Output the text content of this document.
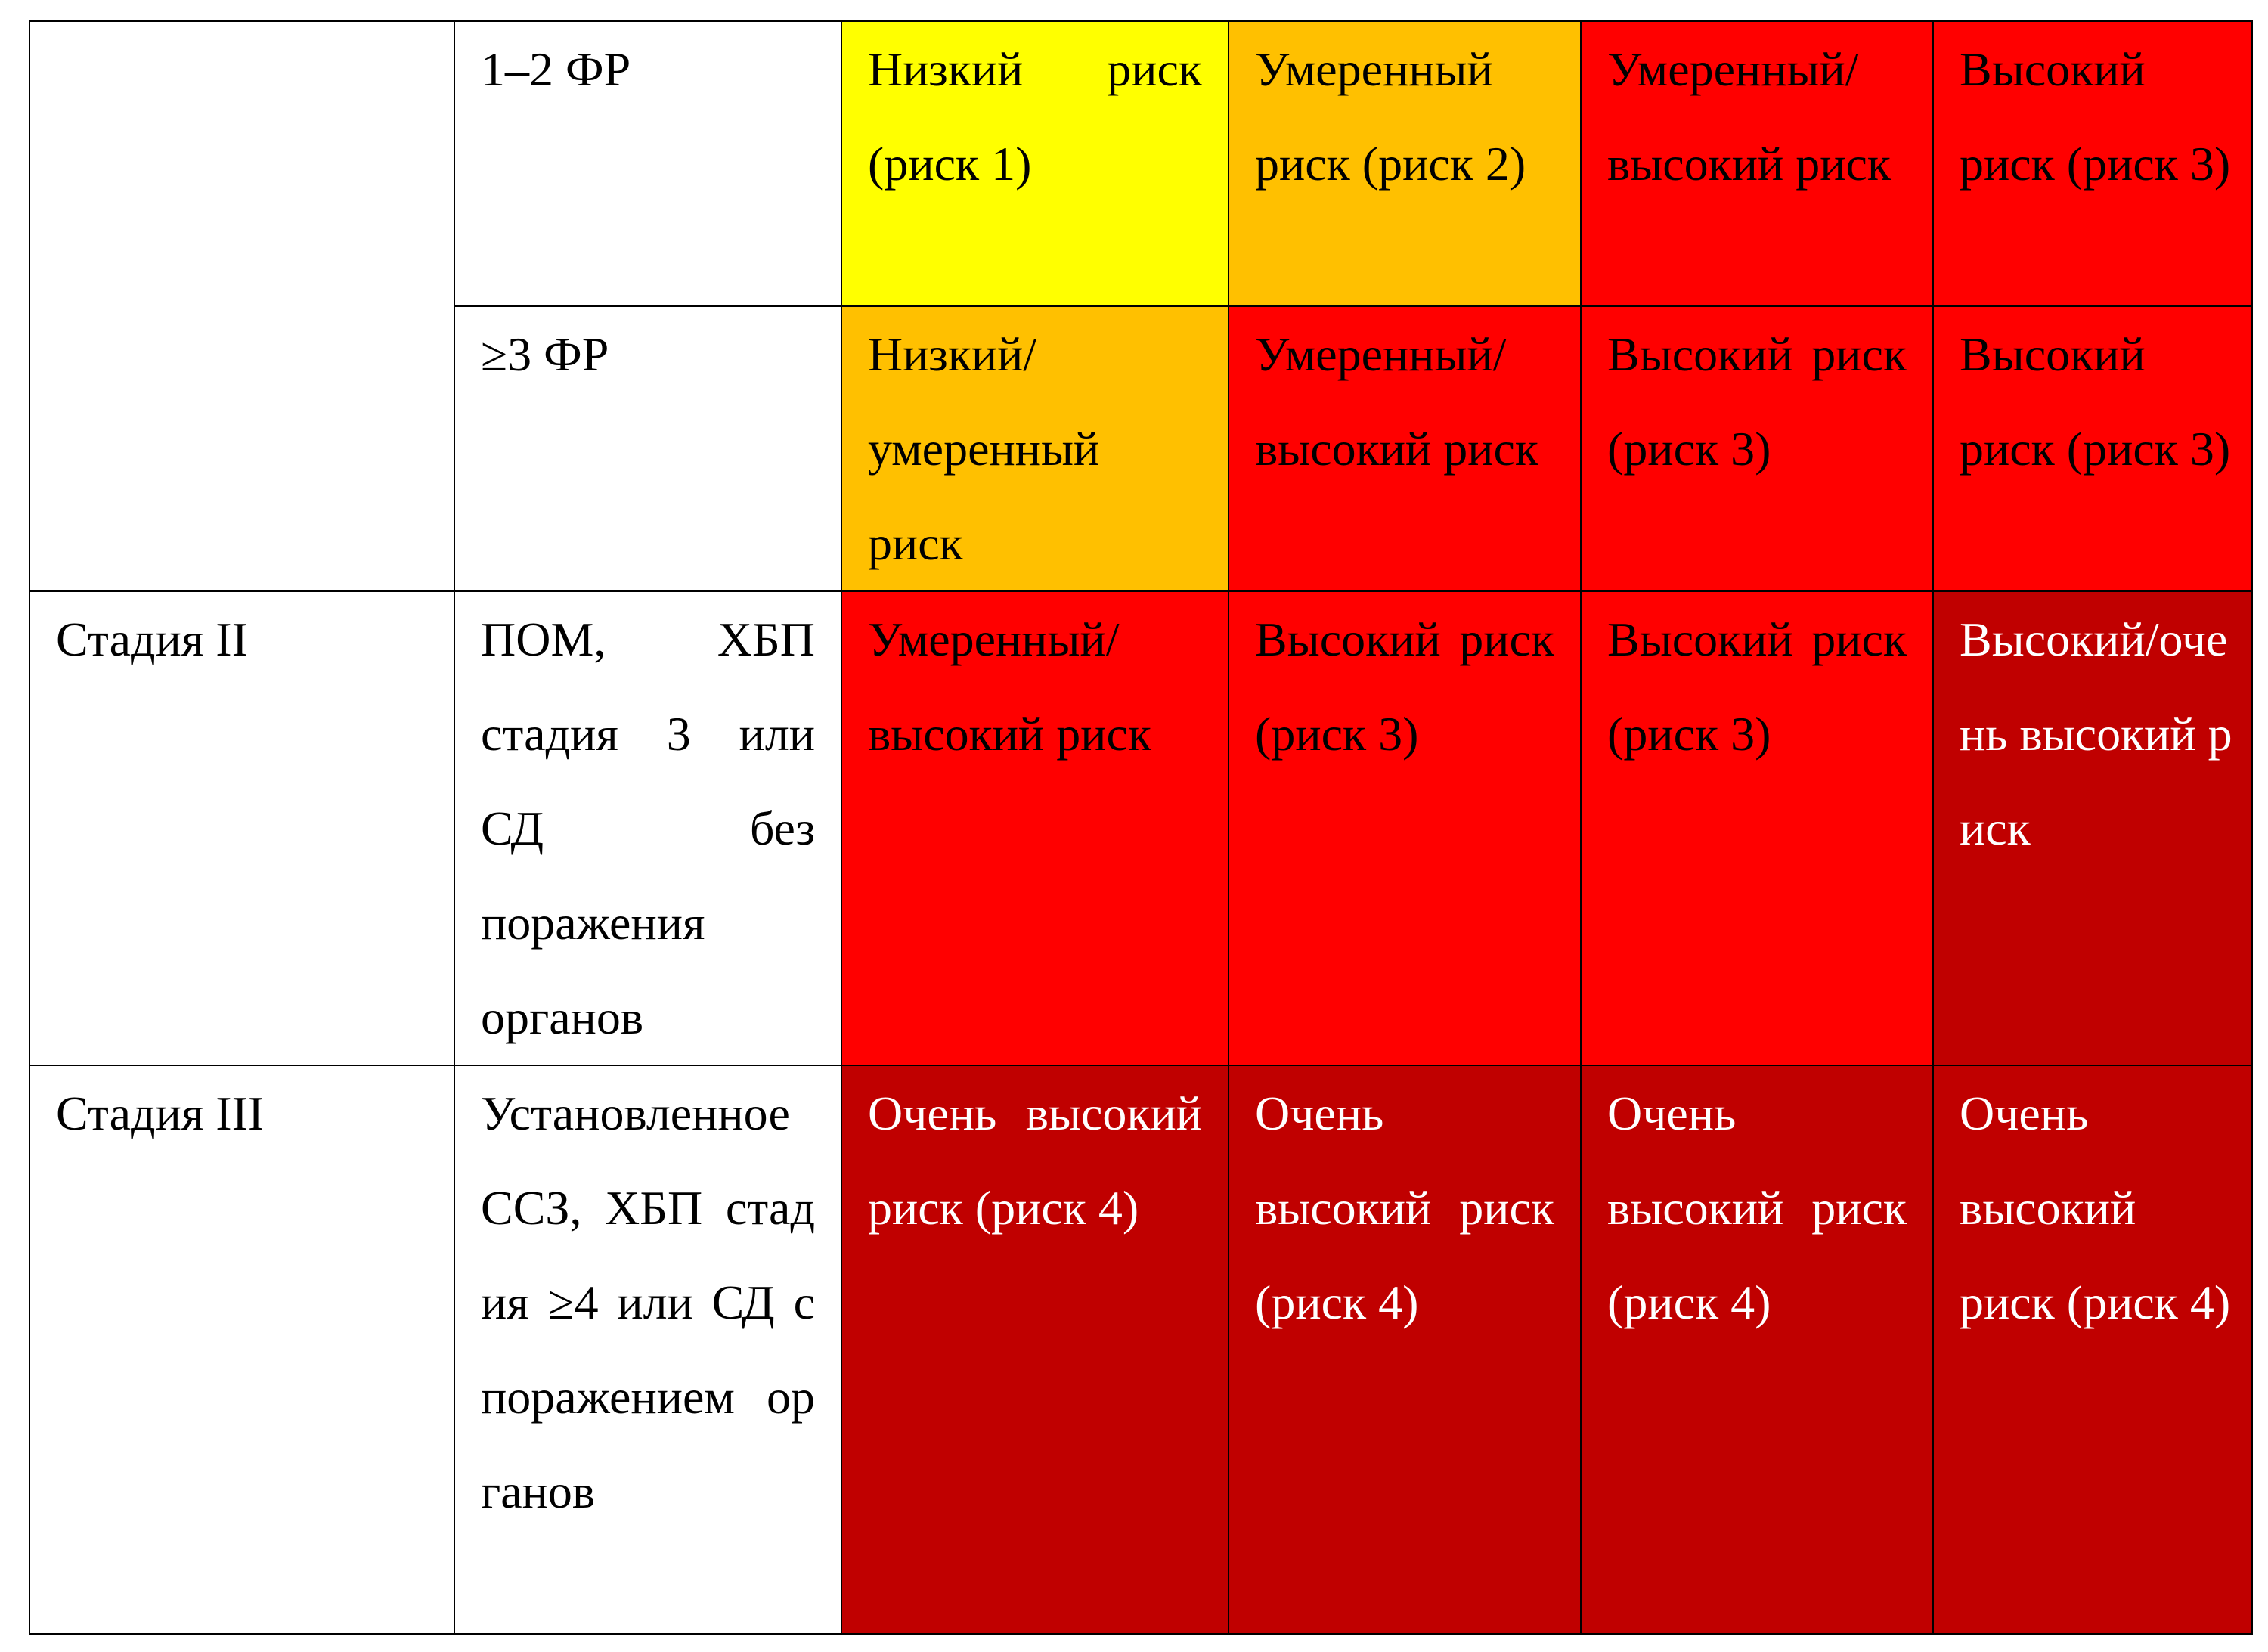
	1–2 ФР	Низкий риск (риск 1)	Умеренный риск (риск 2)	Умеренный/ высокий риск	Высокий риск (риск 3)
	≥3 ФР	Низкий/ умеренный риск	Умеренный/ высокий риск	Высокий риск (риск 3)	Высокий риск (риск 3)
Стадия II	ПОМ, ХБП стадия 3 или СД без поражения органов	Умеренный/ высокий риск	Высокий риск (риск 3)	Высокий риск (риск 3)	Высокий/очень высокий риск
Стадия III	Установленное ССЗ, ХБП стадия ≥4 или СД с поражением органов	Очень высокий риск (риск 4)	Очень высокий риск (риск 4)	Очень высокий риск (риск 4)	Очень высокий риск (риск 4)
